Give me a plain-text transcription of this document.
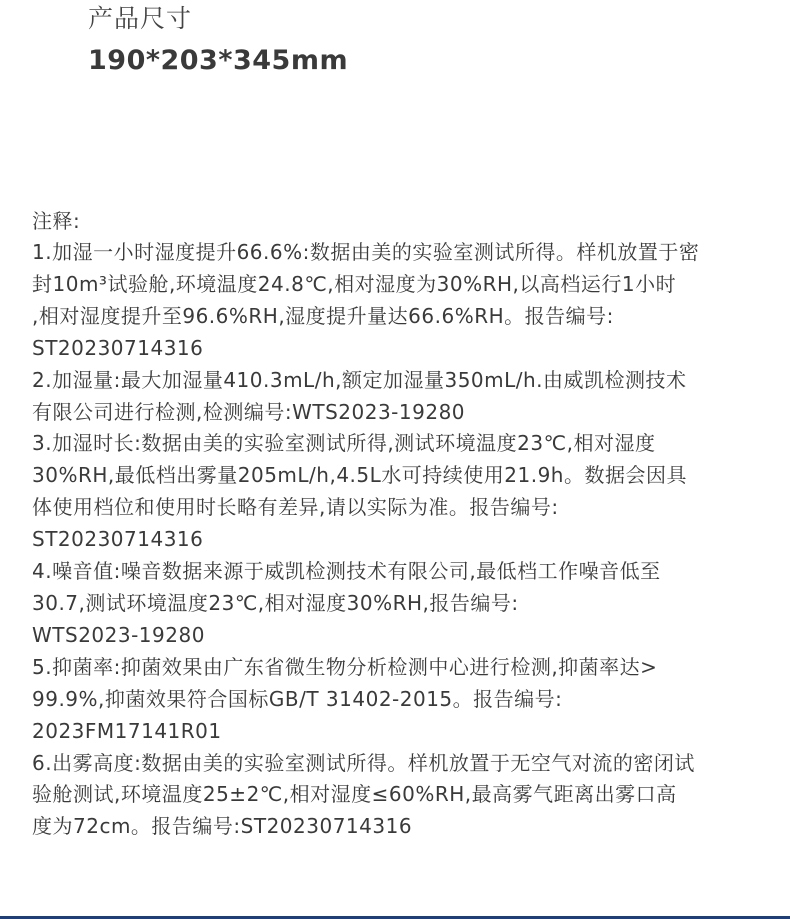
产品尺寸
190*203*345mm
注释:
1.加湿一小时湿度提升66.6%:数据由美的实验室测试所得。样机放置于密
封10m³试验舱,环境温度24.8℃,相对湿度为30%RH,以高档运行1小时
,相对湿度提升至96.6%RH,湿度提升量达66.6%RH。报告编号:
ST20230714316
2.加湿量:最大加湿量410.3mL/h,额定加湿量350mL/h.由威凯检测技术
有限公司进行检测,检测编号:WTS2023-19280
3.加湿时长:数据由美的实验室测试所得,测试环境温度23℃,相对湿度
30%RH,最低档出雾量205mL/h,4.5L水可持续使用21.9h。数据会因具
体使用档位和使用时长略有差异,请以实际为准。报告编号:
ST20230714316
4.噪音值:噪音数据来源于威凯检测技术有限公司,最低档工作噪音低至
30.7,测试环境温度23℃,相对湿度30%RH,报告编号:
WTS2023-19280
5.抑菌率:抑菌效果由广东省微生物分析检测中心进行检测,抑菌率达>
99.9%,抑菌效果符合国标GB/T 31402-2015。报告编号:
2023FM17141R01
6.出雾高度:数据由美的实验室测试所得。样机放置于无空气对流的密闭试
验舱测试,环境温度25±2℃,相对湿度≤60%RH,最高雾气距离出雾口高
度为72cm。报告编号:ST20230714316
